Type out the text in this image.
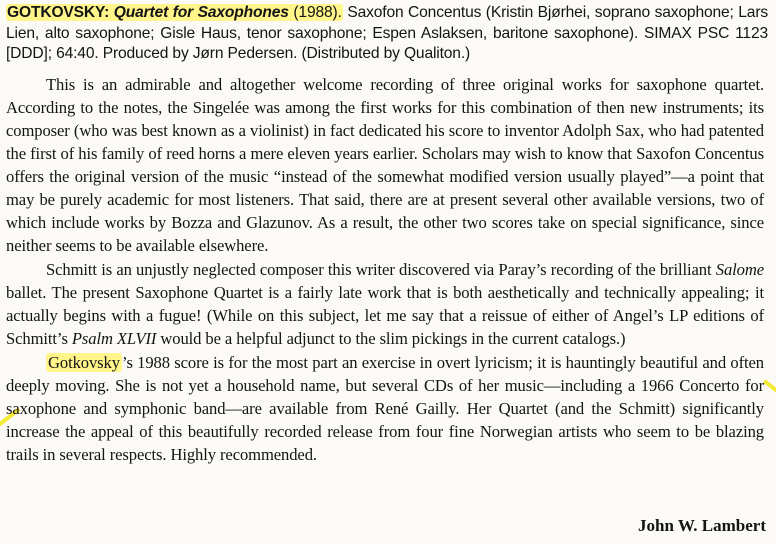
GOTKOVSKY: Quartet for Saxophones (1988). Saxofon Concentus (Kristin Bjørhei, soprano saxophone; Lars Lien, alto saxophone; Gisle Haus, tenor saxophone; Espen Aslaksen, baritone saxophone). SIMAX PSC 1123 [DDD]; 64:40. Produced by Jørn Pedersen. (Distributed by Qualiton.)

This is an admirable and altogether welcome recording of three original works for saxophone quartet. According to the notes, the Singelée was among the first works for this combination of then new instruments; its composer (who was best known as a violinist) in fact dedicated his score to inventor Adolph Sax, who had patented the first of his family of reed horns a mere eleven years earlier. Scholars may wish to know that Saxofon Concentus offers the original version of the music “instead of the somewhat modified version usually played”—a point that may be purely academic for most listeners. That said, there are at present several other available versions, two of which include works by Bozza and Glazunov. As a result, the other two scores take on special significance, since neither seems to be available elsewhere.

Schmitt is an unjustly neglected composer this writer discovered via Paray’s recording of the brilliant Salome ballet. The present Saxophone Quartet is a fairly late work that is both aesthetically and technically appealing; it actually begins with a fugue! (While on this subject, let me say that a reissue of either of Angel’s LP editions of Schmitt’s Psalm XLVII would be a helpful adjunct to the slim pickings in the current catalogs.)

Gotkovsky ’s 1988 score is for the most part an exercise in overt lyricism; it is hauntingly beautiful and often deeply moving. She is not yet a household name, but several CDs of her music—including a 1966 Concerto for saxophone and symphonic band—are available from René Gailly. Her Quartet (and the Schmitt) significantly increase the appeal of this beautifully recorded release from four fine Norwegian artists who seem to be blazing trails in several respects. Highly recommended.

John W. Lambert
